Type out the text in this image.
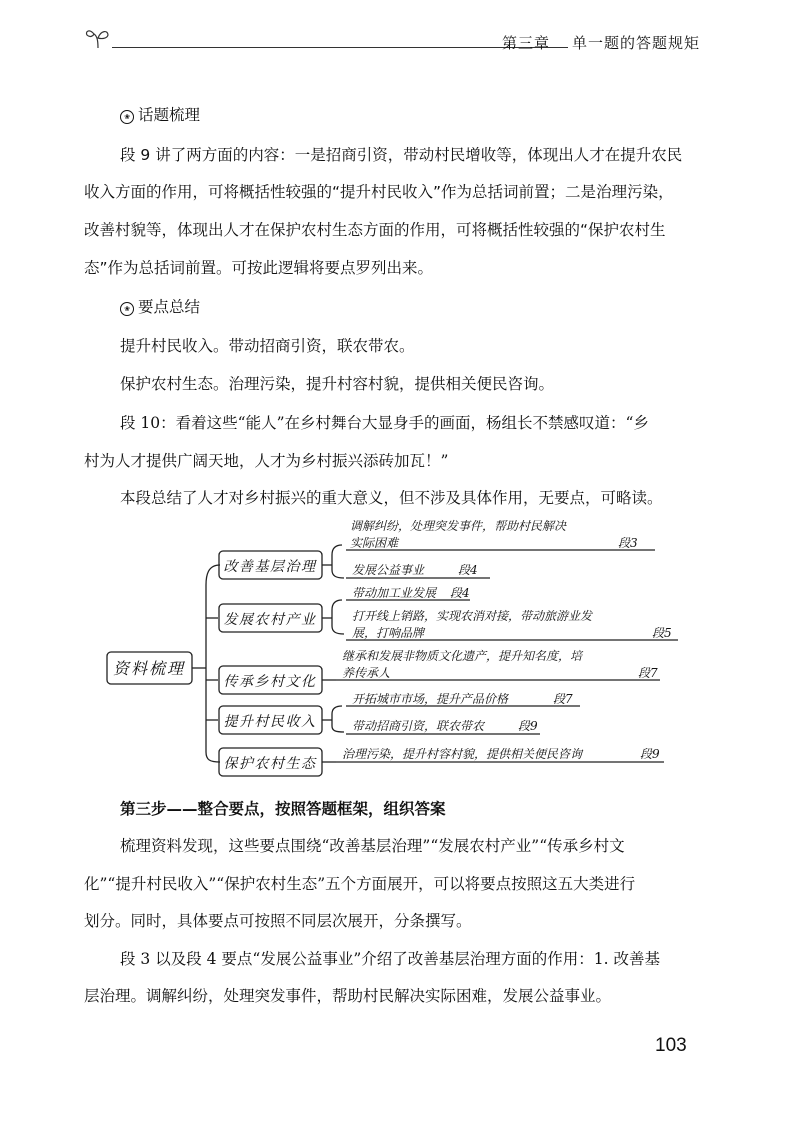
第三章 单一题的答题规矩
❀ 话题梳理
段 9 讲了两方面的内容：一是招商引资，带动村民增收等，体现出人才在提升农民
收入方面的作用，可将概括性较强的“提升村民收入”作为总括词前置；二是治理污染，
改善村貌等，体现出人才在保护农村生态方面的作用，可将概括性较强的“保护农村生
态”作为总括词前置。可按此逻辑将要点罗列出来。
❀ 要点总结
提升村民收入。带动招商引资，联农带农。
保护农村生态。治理污染，提升村容村貌，提供相关便民咨询。
段 10：看着这些“能人”在乡村舞台大显身手的画面，杨组长不禁感叹道：“乡
村为人才提供广阔天地，人才为乡村振兴添砖加瓦！”
本段总结了人才对乡村振兴的重大意义，但不涉及具体作用，无要点，可略读。
资料梳理
改善基层治理
发展农村产业
传承乡村文化
提升村民收入
保护农村生态
调解纠纷，处理突发事件，帮助村民解决
实际困难	段3
发展公益事业	段4
带动加工业发展 段4
打开线上销路，实现农消对接，带动旅游业发
展，打响品牌	段5
继承和发展非物质文化遗产，提升知名度，培
养传承人	段7
开拓城市市场，提升产品价格	段7
带动招商引资，联农带农	段9
治理污染，提升村容村貌，提供相关便民咨询	段9
第三步——整合要点，按照答题框架，组织答案
梳理资料发现，这些要点围绕“改善基层治理”“发展农村产业”“传承乡村文
化”“提升村民收入”“保护农村生态”五个方面展开，可以将要点按照这五大类进行
划分。同时，具体要点可按照不同层次展开，分条撰写。
段 3 以及段 4 要点“发展公益事业”介绍了改善基层治理方面的作用：1. 改善基
层治理。调解纠纷，处理突发事件，帮助村民解决实际困难，发展公益事业。
103
